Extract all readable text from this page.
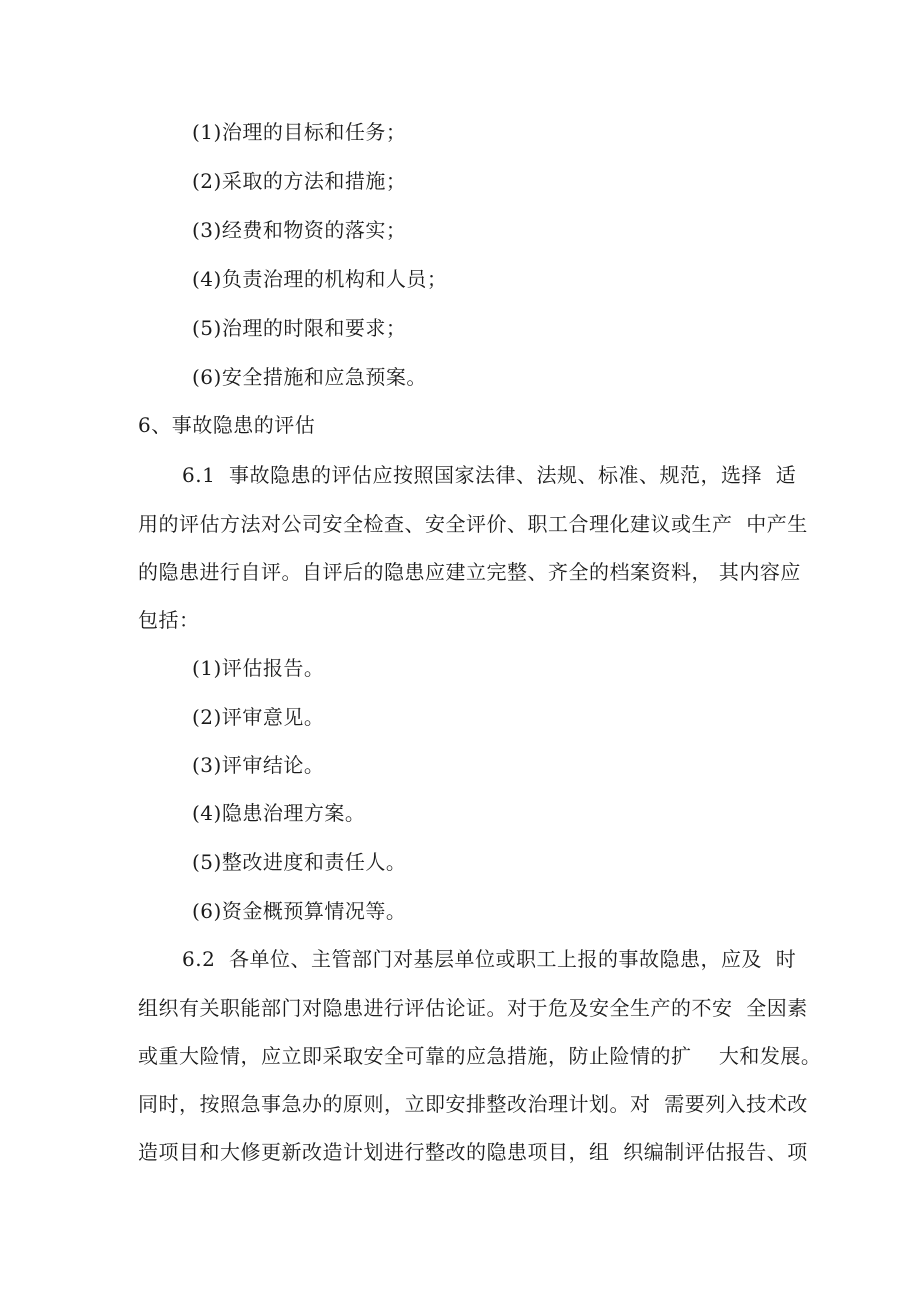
(1)治理的目标和任务；
(2)采取的方法和措施；
(3)经费和物资的落实；
(4)负责治理的机构和人员；
(5)治理的时限和要求；
(6)安全措施和应急预案。
6、事故隐患的评估
6.1  事故隐患的评估应按照国家法律、法规、标准、规范，选择  适
用的评估方法对公司安全检查、安全评价、职工合理化建议或生产  中产生
的隐患进行自评。自评后的隐患应建立完整、齐全的档案资料， 其内容应
包括：
(1)评估报告。
(2)评审意见。
(3)评审结论。
(4)隐患治理方案。
(5)整改进度和责任人。
(6)资金概预算情况等。
6.2  各单位、主管部门对基层单位或职工上报的事故隐患，应及  时
组织有关职能部门对隐患进行评估论证。对于危及安全生产的不安  全因素
或重大险情，应立即采取安全可靠的应急措施，防止险情的扩    大和发展。
同时，按照急事急办的原则，立即安排整改治理计划。对  需要列入技术改
造项目和大修更新改造计划进行整改的隐患项目，组  织编制评估报告、项
